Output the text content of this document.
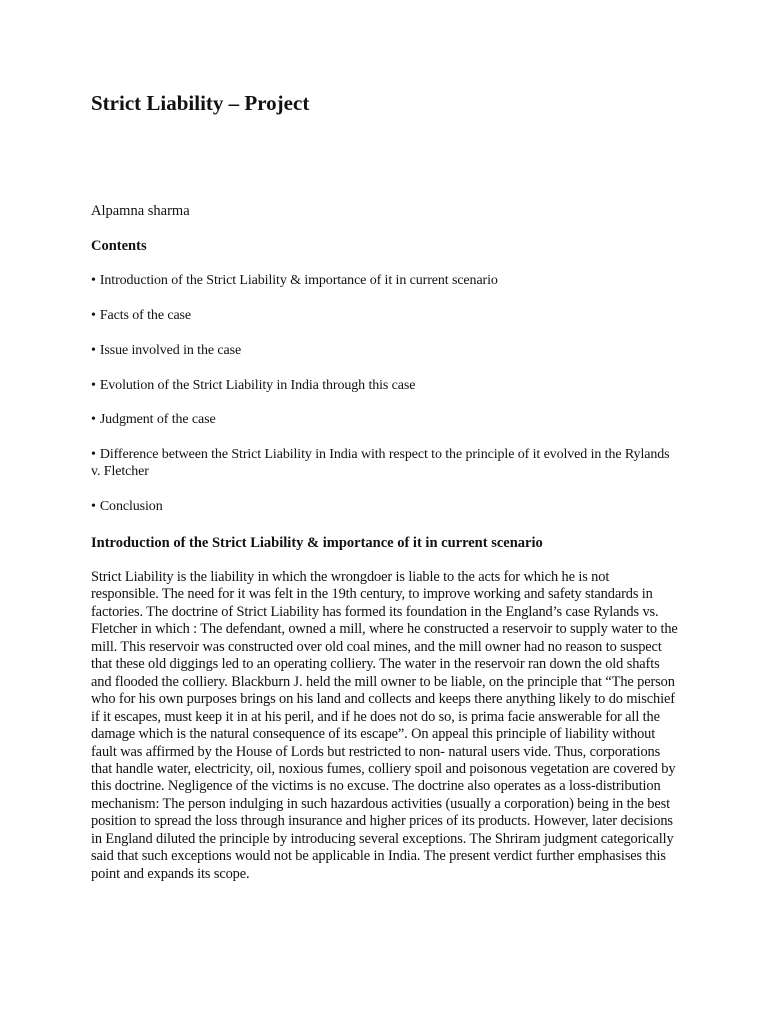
Strict Liability – Project

Alpamna sharma

Contents

• Introduction of the Strict Liability & importance of it in current scenario

• Facts of the case

• Issue involved in the case

• Evolution of the Strict Liability in India through this case

• Judgment of the case

• Difference between the Strict Liability in India with respect to the principle of it evolved in the Rylands v. Fletcher

• Conclusion

Introduction of the Strict Liability & importance of it in current scenario

Strict Liability is the liability in which the wrongdoer is liable to the acts for which he is not responsible. The need for it was felt in the 19th century, to improve working and safety standards in factories. The doctrine of Strict Liability has formed its foundation in the England’s case Rylands vs. Fletcher in which : The defendant, owned a mill, where he constructed a reservoir to supply water to the mill. This reservoir was constructed over old coal mines, and the mill owner had no reason to suspect that these old diggings led to an operating colliery. The water in the reservoir ran down the old shafts and flooded the colliery. Blackburn J. held the mill owner to be liable, on the principle that “The person who for his own purposes brings on his land and collects and keeps there anything likely to do mischief if it escapes, must keep it in at his peril, and if he does not do so, is prima facie answerable for all the damage which is the natural consequence of its escape”. On appeal this principle of liability without fault was affirmed by the House of Lords but restricted to non- natural users vide. Thus, corporations that handle water, electricity, oil, noxious fumes, colliery spoil and poisonous vegetation are covered by this doctrine. Negligence of the victims is no excuse. The doctrine also operates as a loss-distribution mechanism: The person indulging in such hazardous activities (usually a corporation) being in the best position to spread the loss through insurance and higher prices of its products. However, later decisions in England diluted the principle by introducing several exceptions. The Shriram judgment categorically said that such exceptions would not be applicable in India. The present verdict further emphasises this point and expands its scope.
